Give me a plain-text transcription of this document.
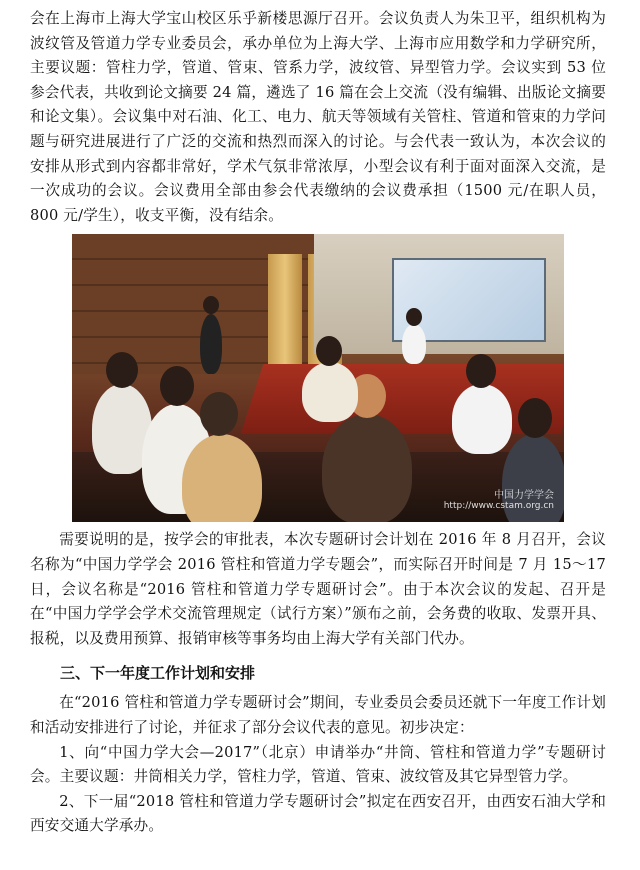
会在上海市上海大学宝山校区乐乎新楼思源厅召开。会议负责人为朱卫平，组织机构为波纹管及管道力学专业委员会，承办单位为上海大学、上海市应用数学和力学研究所，主要议题：管柱力学，管道、管束、管系力学，波纹管、异型管力学。会议实到 53 位参会代表，共收到论文摘要 24 篇，遴选了 16 篇在会上交流（没有编辑、出版论文摘要和论文集）。会议集中对石油、化工、电力、航天等领域有关管柱、管道和管束的力学问题与研究进展进行了广泛的交流和热烈而深入的讨论。与会代表一致认为，本次会议的安排从形式到内容都非常好，学术气氛非常浓厚，小型会议有利于面对面深入交流，是一次成功的会议。会议费用全部由参会代表缴纳的会议费承担（1500 元/在职人员，800 元/学生），收支平衡，没有结余。

中国力学学会
http://www.cstam.org.cn

需要说明的是，按学会的审批表，本次专题研讨会计划在 2016 年 8 月召开，会议名称为“中国力学学会 2016 管柱和管道力学专题会”，而实际召开时间是 7 月 15～17 日，会议名称是“2016 管柱和管道力学专题研讨会”。由于本次会议的发起、召开是在“中国力学学会学术交流管理规定（试行方案）”颁布之前，会务费的收取、发票开具、报税，以及费用预算、报销审核等事务均由上海大学有关部门代办。

三、下一年度工作计划和安排

在“2016 管柱和管道力学专题研讨会”期间，专业委员会委员还就下一年度工作计划和活动安排进行了讨论，并征求了部分会议代表的意见。初步决定：

1、向“中国力学大会—2017”（北京）申请举办“井筒、管柱和管道力学”专题研讨会。主要议题：井筒相关力学，管柱力学，管道、管束、波纹管及其它异型管力学。

2、下一届“2018 管柱和管道力学专题研讨会”拟定在西安召开，由西安石油大学和西安交通大学承办。
